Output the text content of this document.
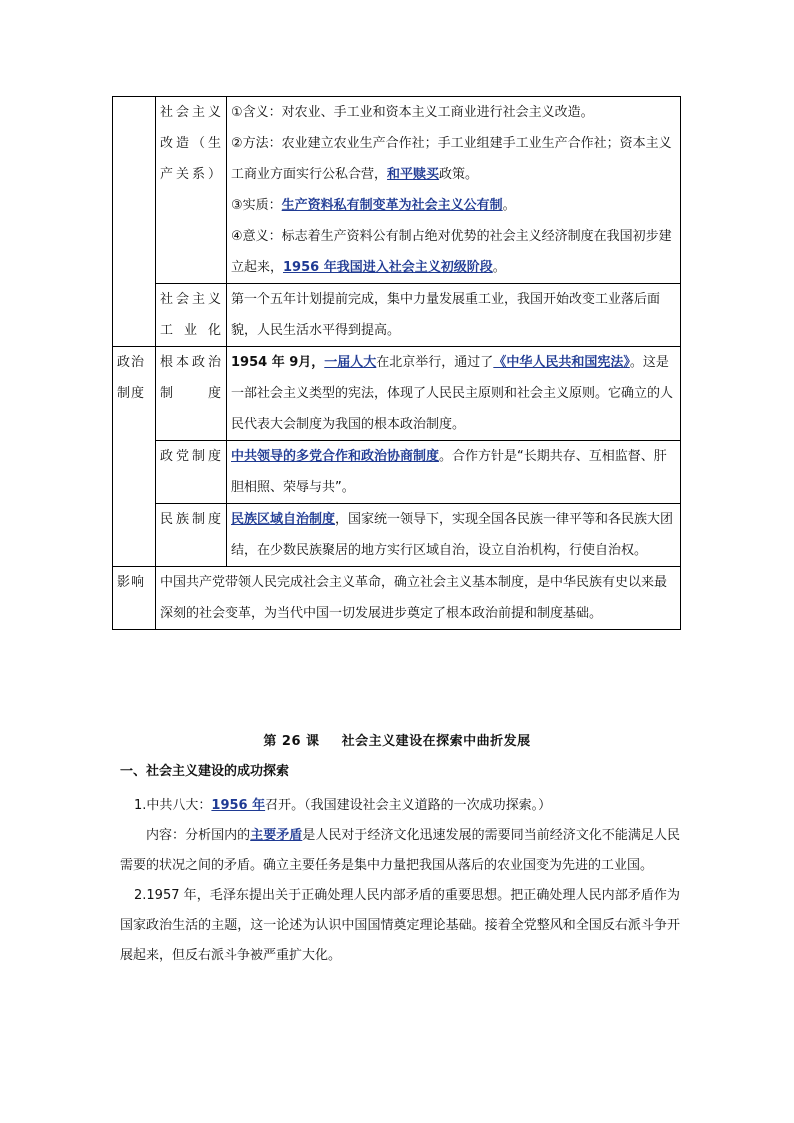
	社会主义改造（生产关系）	①含义：对农业、手工业和资本主义工商业进行社会主义改造。

②方法：农业建立农业生产合作社；手工业组建手工业生产合作社；资本主义工商业方面实行公私合营，和平赎买政策。

③实质：生产资料私有制变革为社会主义公有制。

④意义：标志着生产资料公有制占绝对优势的社会主义经济制度在我国初步建立起来，1956 年我国进入社会主义初级阶段。

	社会主义工业化	第一个五年计划提前完成，集中力量发展重工业，我国开始改变工业落后面貌，人民生活水平得到提高。

政治制度	根本政治制度	1954 年 9月，一届人大在北京举行，通过了《中华人民共和国宪法》。这是一部社会主义类型的宪法，体现了人民民主原则和社会主义原则。它确立的人民代表大会制度为我国的根本政治制度。

	政党制度	中共领导的多党合作和政治协商制度。合作方针是“长期共存、互相监督、肝胆相照、荣辱与共”。

	民族制度	民族区域自治制度，国家统一领导下，实现全国各民族一律平等和各民族大团结，在少数民族聚居的地方实行区域自治，设立自治机构，行使自治权。

影响	中国共产党带领人民完成社会主义革命，确立社会主义基本制度，是中华民族有史以来最深刻的社会变革，为当代中国一切发展进步奠定了根本政治前提和制度基础。	

第 26 课 社会主义建设在探索中曲折发展
一、社会主义建设的成功探索

1.中共八大：1956 年召开。（我国建设社会主义道路的一次成功探索。）

内容：分析国内的主要矛盾是人民对于经济文化迅速发展的需要同当前经济文化不能满足人民需要的状况之间的矛盾。确立主要任务是集中力量把我国从落后的农业国变为先进的工业国。

2.1957 年，毛泽东提出关于正确处理人民内部矛盾的重要思想。把正确处理人民内部矛盾作为国家政治生活的主题，这一论述为认识中国国情奠定理论基础。接着全党整风和全国反右派斗争开展起来，但反右派斗争被严重扩大化。
